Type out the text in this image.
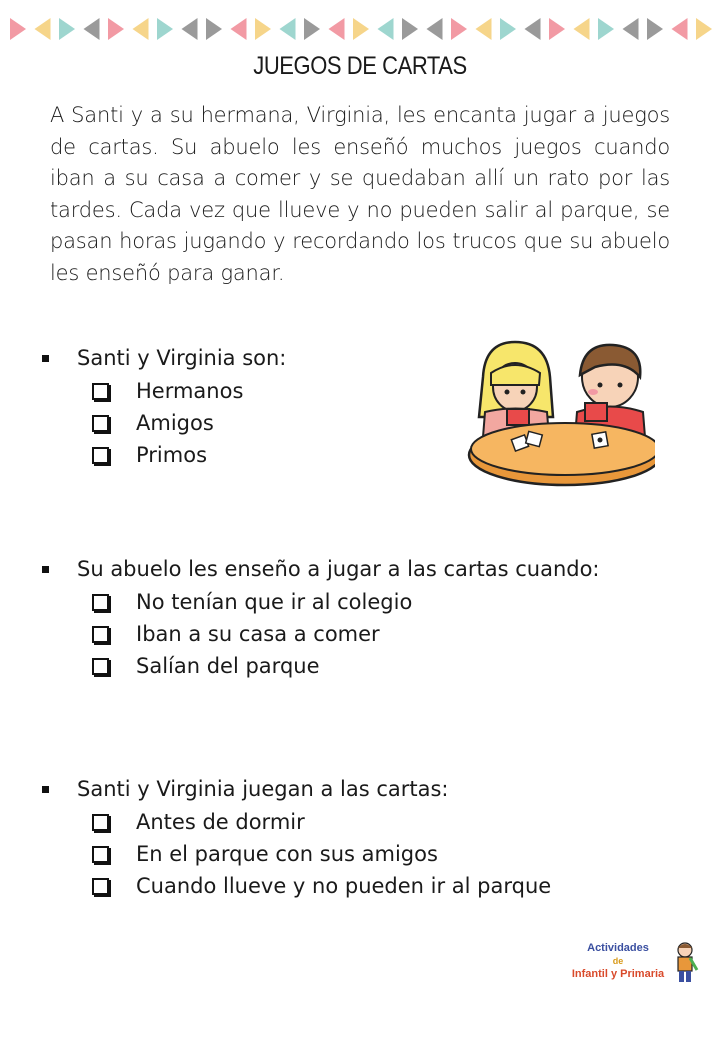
JUEGOS DE CARTAS
A Santi y a su hermana, Virginia, les encanta jugar a juegos de cartas. Su abuelo les enseñó muchos juegos cuando iban a su casa a comer y se quedaban allí un rato por las tardes. Cada vez que llueve y no pueden salir al parque, se pasan horas jugando y recordando los trucos que su abuelo les enseñó para ganar.
Santi y Virginia son:
Hermanos
Amigos
Primos
Su abuelo les enseño a jugar a las cartas cuando:
No tenían que ir al colegio
Iban a su casa a comer
Salían del parque
Santi y Virginia juegan a las cartas:
Antes de dormir
En el parque con sus amigos
Cuando llueve y no pueden ir al parque
Actividades
de
Infantil y Primaria
